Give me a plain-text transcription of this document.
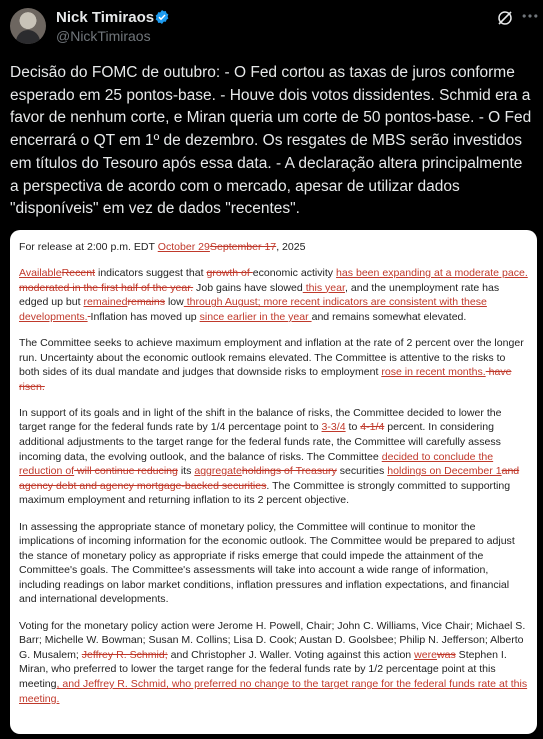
Nick Timiraos
@NickTimiraos
Decisão do FOMC de outubro: - O Fed cortou as taxas de juros conforme esperado em 25 pontos-base. - Houve dois votos dissidentes. Schmid era a favor de nenhum corte, e Miran queria um corte de 50 pontos-base. - O Fed encerrará o QT em 1º de dezembro. Os resgates de MBS serão investidos em títulos do Tesouro após essa data. - A declaração altera principalmente a perspectiva de acordo com o mercado, apesar de utilizar dados "disponíveis" em vez de dados "recentes".

For release at 2:00 p.m. EDT October 29September 17, 2025

AvailableRecent indicators suggest that growth of economic activity has been expanding at a moderate pace. moderated in the first half of the year. Job gains have slowed this year, and the unemployment rate has edged up but remainedremains low through August; more recent indicators are consistent with these developments. Inflation has moved up since earlier in the year and remains somewhat elevated.

The Committee seeks to achieve maximum employment and inflation at the rate of 2 percent over the longer run. Uncertainty about the economic outlook remains elevated. The Committee is attentive to the risks to both sides of its dual mandate and judges that downside risks to employment rose in recent months. have risen.

In support of its goals and in light of the shift in the balance of risks, the Committee decided to lower the target range for the federal funds rate by 1/4 percentage point to 3-3/4 to 4-1/4 percent. In considering additional adjustments to the target range for the federal funds rate, the Committee will carefully assess incoming data, the evolving outlook, and the balance of risks. The Committee decided to conclude the reduction of will continue reducing its aggregateholdings of Treasury securities holdings on December 1and agency debt and agency mortgage-backed securities. The Committee is strongly committed to supporting maximum employment and returning inflation to its 2 percent objective.

In assessing the appropriate stance of monetary policy, the Committee will continue to monitor the implications of incoming information for the economic outlook. The Committee would be prepared to adjust the stance of monetary policy as appropriate if risks emerge that could impede the attainment of the Committee's goals. The Committee's assessments will take into account a wide range of information, including readings on labor market conditions, inflation pressures and inflation expectations, and financial and international developments.

Voting for the monetary policy action were Jerome H. Powell, Chair; John C. Williams, Vice Chair; Michael S. Barr; Michelle W. Bowman; Susan M. Collins; Lisa D. Cook; Austan D. Goolsbee; Philip N. Jefferson; Alberto G. Musalem; Jeffrey R. Schmid; and Christopher J. Waller. Voting against this action werewas Stephen I. Miran, who preferred to lower the target range for the federal funds rate by 1/2 percentage point at this meeting, and Jeffrey R. Schmid, who preferred no change to the target range for the federal funds rate at this meeting.
